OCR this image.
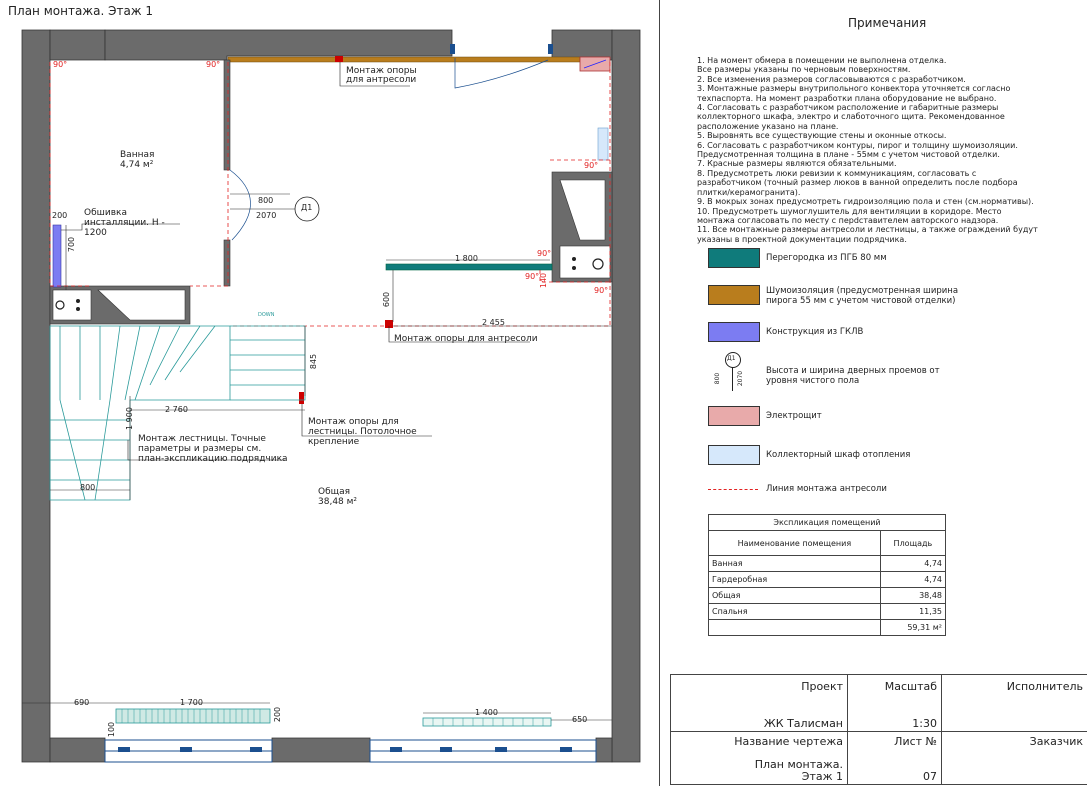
План монтажа. Этаж 1
Ванная
4,74 м²
Общая
38,48 м²
90°	90°
90°
90°
90°
90°
800
2070
1 800
600
2 455
845
2 760
1 900
800
690	1 700
1 400
650
200
700
140
200
100
Д1
DOWN
Монтаж опоры для антресоли
Обшивка инсталляции. Н - 1200
Монтаж опоры для антресоли
Монтаж опоры для лестницы. Потолочное крепление
Монтаж лестницы. Точные параметры и размеры см. план-экспликацию подрядчика
Примечания
1. На момент обмера в помещении не выполнена отделка.
Все размеры указаны по черновым поверхностям.
2. Все изменения размеров согласовываются с разработчиком.
3. Монтажные размеры внутрипольного конвектора уточняется согласно
техпаспорта. На момент разработки плана оборудование не выбрано.
4. Согласовать с разработчиком расположение и габаритные размеры
коллекторного шкафа, электро и слаботочного щита. Рекомендованное
расположение указано на плане.
5. Выровнять все существующие стены и оконные откосы.
6. Согласовать с разработчиком контуры, пирог и толщину шумоизоляции.
Предусмотренная толщина в плане - 55мм с учетом чистовой отделки.
7. Красные размеры являются обязательными.
8. Предусмотреть люки ревизии к коммуникациям, согласовать с
разработчиком (точный размер люков в ванной определить после подбора
плитки/керамогранита).
9. В мокрых зонах предусмотреть гидроизоляцию пола и стен (см.нормативы).
10. Предусмотреть шумоглушитель для вентиляции в коридоре. Место
монтажа согласовать по месту с перdставителем авторского надзора.
11. Все монтажные размеры антресоли и лестницы, а также ограждений будут
указаны в проектной документации подрядчика.
Перегородка из ПГБ 80 мм
Шумоизоляция (предусмотренная ширина пирога 55 мм с учетом чистовой отделки)
Конструкция из ГКЛВ
Д1
800	2070	Высота и ширина дверных проемов от уровня чистого пола
Электрощит
Коллекторный шкаф отопления
Линия монтажа антресоли
Экспликация помещений	
Наименование помещения	Площадь
Ванная	4,74
Гардеробная	4,74
Общая	38,48
Спальня	11,35
	59,31 м²
Проект	Масштаб	Исполнитель
ЖК Талисман	1:30	
Название чертежа	Лист №	Заказчик
План монтажа. Этаж 1	07	
